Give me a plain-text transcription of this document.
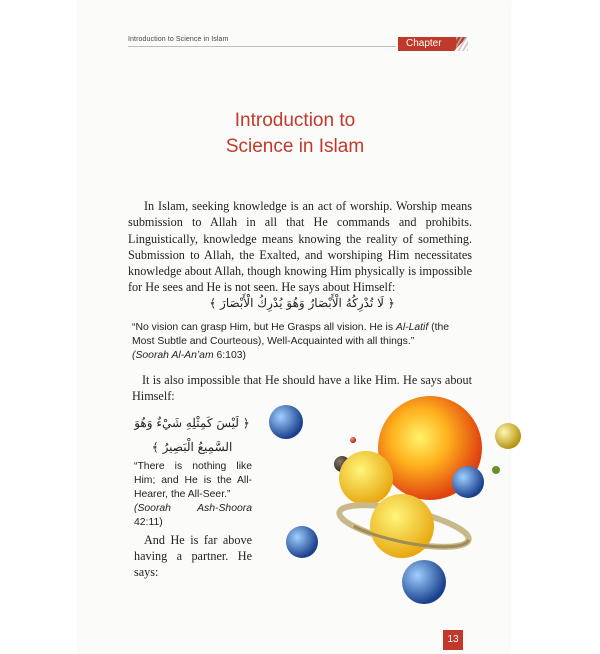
Introduction to Science in Islam	Chapter
Introduction to
Science in Islam
In Islam, seeking knowledge is an act of worship. Worship means submission to Allah in all that He commands and prohibits. Linguistically, knowledge means knowing the reality of something. Submission to Allah, the Exalted, and worshiping Him necessitates knowledge about Allah, though knowing Him physically is impossible for He sees and He is not seen. He says about Himself:
﴿ لَا تُدْرِكُهُ الْأَبْصَارُ وَهُوَ يُدْرِكُ الْأَبْصَارَ ﴾
“No vision can grasp Him, but He Grasps all vision. He is Al-Latif (the Most Subtle and Courteous), Well-Acquainted with all things.”
(Soorah Al-An’am 6:103)
It is also impossible that He should have a like Him. He says about Himself:
﴿ لَيْسَ كَمِثْلِهِ شَيْءٌ وَهُوَ
السَّمِيعُ الْبَصِيرُ ﴾
“There is nothing like Him; and He is the All-Hearer, the All-Seer.”
(Soorah Ash-Shoora 42:11)
And He is far above having a partner. He says:
13
